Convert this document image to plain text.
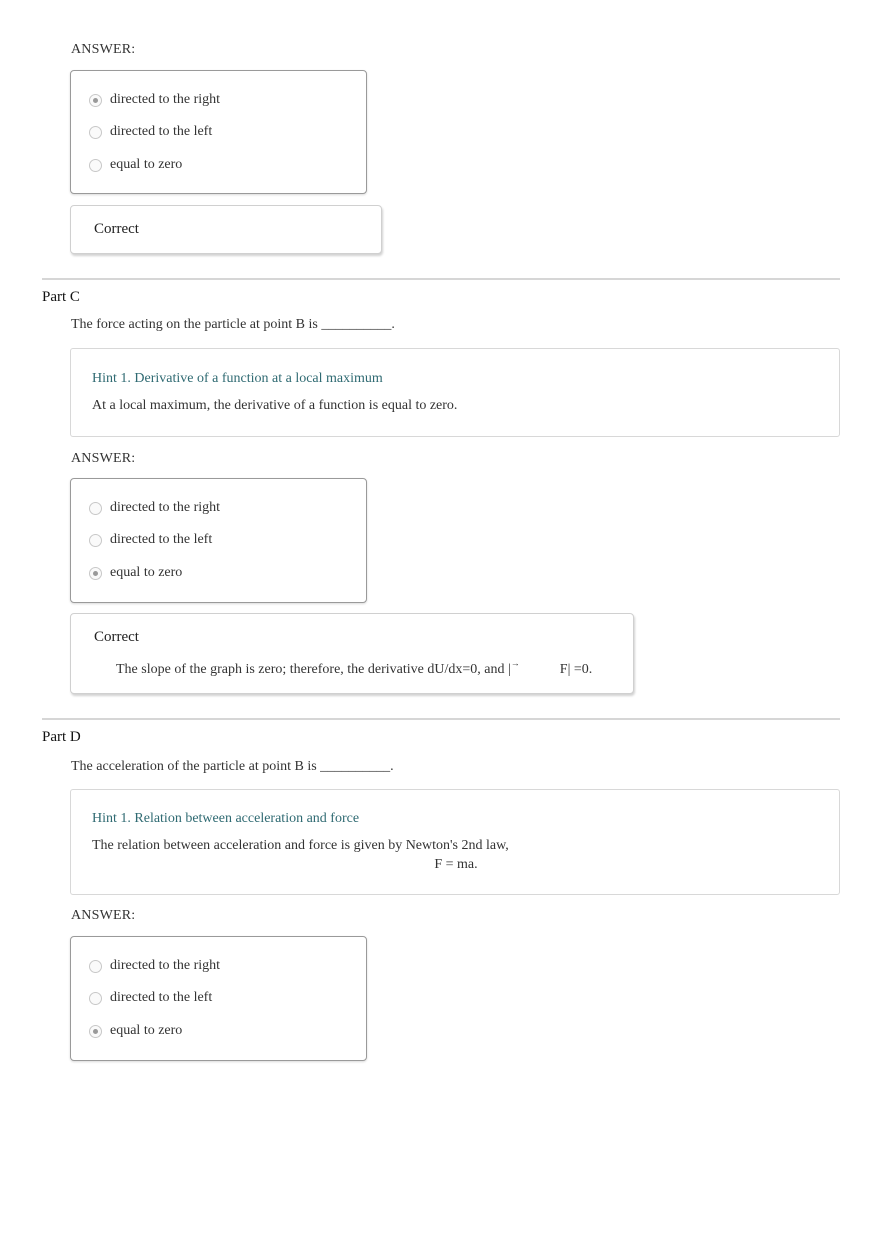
ANSWER:
directed to the right
directed to the left
equal to zero
Correct
Part C
The force acting on the particle at point B is __________.
Hint 1. Derivative of a function at a local maximum
At a local maximum, the derivative of a function is equal to zero.
ANSWER:
directed to the right
directed to the left
equal to zero
Correct
The slope of the graph is zero; therefore, the derivative dU/dx=0, and |→	F| =0.
Part D
The acceleration of the particle at point B is __________.
Hint 1. Relation between acceleration and force
The relation between acceleration and force is given by Newton's 2nd law,
F = ma.
ANSWER:
directed to the right
directed to the left
equal to zero
